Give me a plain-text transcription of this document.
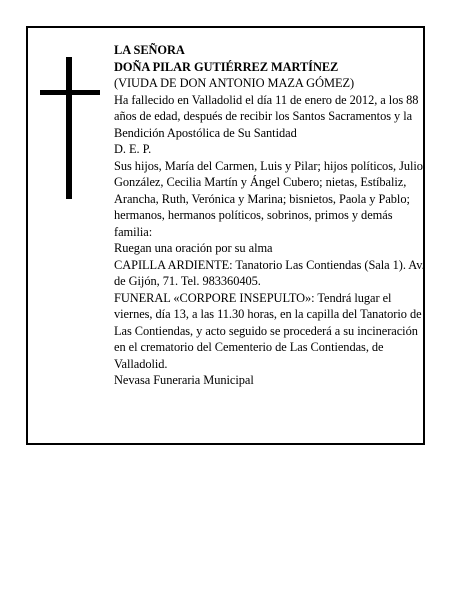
LA SEÑORA

DOÑA PILAR GUTIÉRREZ MARTÍNEZ

(VIUDA DE DON ANTONIO MAZA GÓMEZ)

Ha fallecido en Valladolid el día 11 de enero de 2012, a los 88 años de edad, después de recibir los Santos Sacramentos y la Bendición Apostólica de Su Santidad

D. E. P.

Sus hijos, María del Carmen, Luis y Pilar; hijos políticos, Julio González, Cecilia Martín y Ángel Cubero; nietas, Estíbaliz, Arancha, Ruth, Verónica y Marina; bisnietos, Paola y Pablo; hermanos, hermanos políticos, sobrinos, primos y demás familia:

Ruegan una oración por su alma

CAPILLA ARDIENTE: Tanatorio Las Contiendas (Sala 1). Av. de Gijón, 71. Tel. 983360405.

FUNERAL «CORPORE INSEPULTO»: Tendrá lugar el viernes, día 13, a las 11.30 horas, en la capilla del Tanatorio de Las Contiendas, y acto seguido se procederá a su incineración en el crematorio del Cementerio de Las Contiendas, de Valladolid.

Nevasa Funeraria Municipal
